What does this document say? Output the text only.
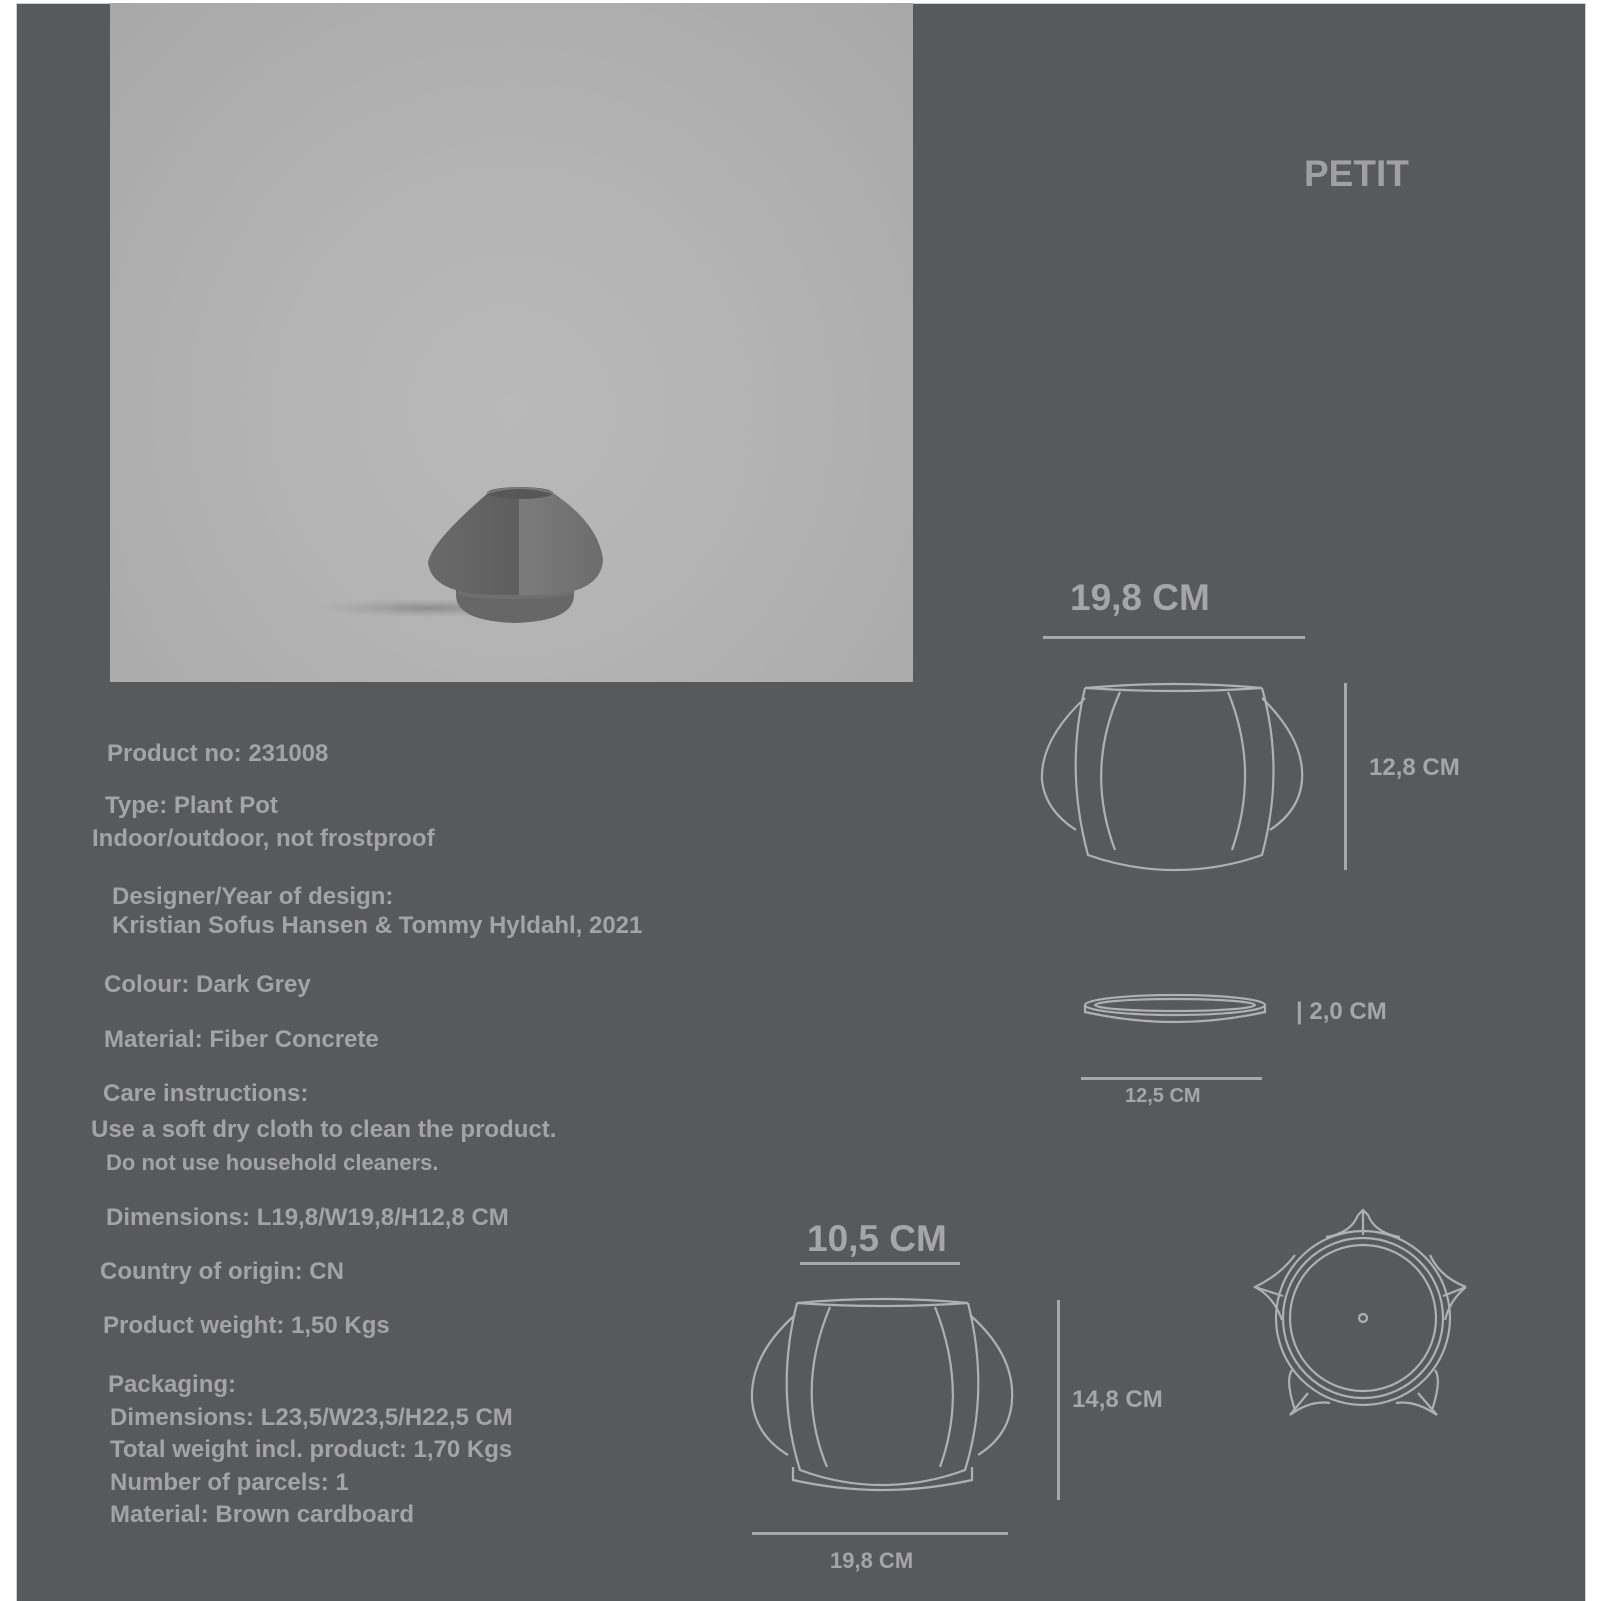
PETIT
Product no: 231008
Type: Plant Pot
Indoor/outdoor, not frostproof
Designer/Year of design:
Kristian Sofus Hansen & Tommy Hyldahl, 2021
Colour: Dark Grey
Material: Fiber Concrete
Care instructions:
Use a soft dry cloth to clean the product.
Do not use household cleaners.
Dimensions: L19,8/W19,8/H12,8 CM
Country of origin: CN
Product weight: 1,50 Kgs
Packaging:
Dimensions: L23,5/W23,5/H22,5 CM
Total weight incl. product: 1,70 Kgs
Number of parcels: 1
Material: Brown cardboard
19,8 CM
12,8 CM
| 2,0 CM
12,5 CM
10,5 CM
14,8 CM
19,8 CM
